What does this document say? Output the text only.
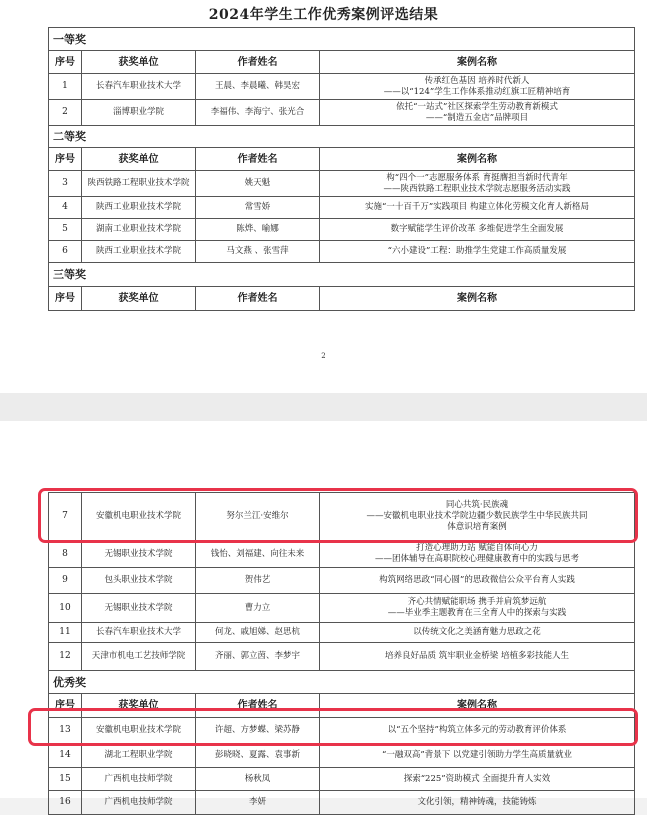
2024年学生工作优秀案例评选结果
一等奖			
序号	获奖单位	作者姓名	案例名称
1	长春汽车职业技术大学	王晨、李晨曦、韩昊宏	传承红色基因 培养时代新人
——以“124”学生工作体系推动红旗工匠精神培育

2	淄博职业学院	李福伟、李海宁、张光合	依托“一站式”社区探索学生劳动教育新模式
——“制造五金店”品牌项目

二等奖			
序号	获奖单位	作者姓名	案例名称
3	陕西铁路工程职业技术学院	姚天魁	构“四个一”志愿服务体系 育挺膺担当新时代青年
——陕西铁路工程职业技术学院志愿服务活动实践

4	陕西工业职业技术学院	常雪娇	实施“一十百千万”实践项目 构建立体化劳模文化育人新格局

5	湖南工业职业技术学院	陈烨、喻娜	数字赋能学生评价改革 多维促进学生全面发展

6	陕西工业职业技术学院	马文燕 、张雪萍	“六小建设”工程：助推学生党建工作高质量发展

三等奖			
序号	获奖单位	作者姓名	案例名称
2
7	安徽机电职业技术学院	努尔兰江·安维尔	同心共筑·民族魂
——安徽机电职业技术学院边疆少数民族学生中华民族共同
体意识培育案例

8	无锡职业技术学院	钱怡、刘福建、向往未来	打造心理助力站 赋能自体向心力
——团体辅导在高职院校心理健康教育中的实践与思考

9	包头职业技术学院	贺伟艺	构筑网络思政“同心圆”的思政微信公众平台育人实践

10	无锡职业技术学院	曹力立	齐心共情赋能职场 携手并肩筑梦远航
——毕业季主题教育在三全育人中的探索与实践

11	长春汽车职业技术大学	何龙、戚旭娣、赵思杭	以传统文化之美涵育魅力思政之花

12	天津市机电工艺技师学院	齐丽、郭立茵、李梦宇	培养良好品质 筑牢职业金桥梁 培植多彩技能人生

优秀奖			
序号	获奖单位	作者姓名	案例名称
13	安徽机电职业技术学院	许超、方梦蝶、梁苏静	以“五个坚持”构筑立体多元的劳动教育评价体系

14	湖北工程职业学院	彭晓晓、夏露、袁事新	“一融双高”背景下 以党建引领助力学生高质量就业

15	广西机电技师学院	杨秋凤	探索“225”资助模式 全面提升育人实效

16	广西机电技师学院	李妍	文化引领，精神铸魂，技能铸炼
